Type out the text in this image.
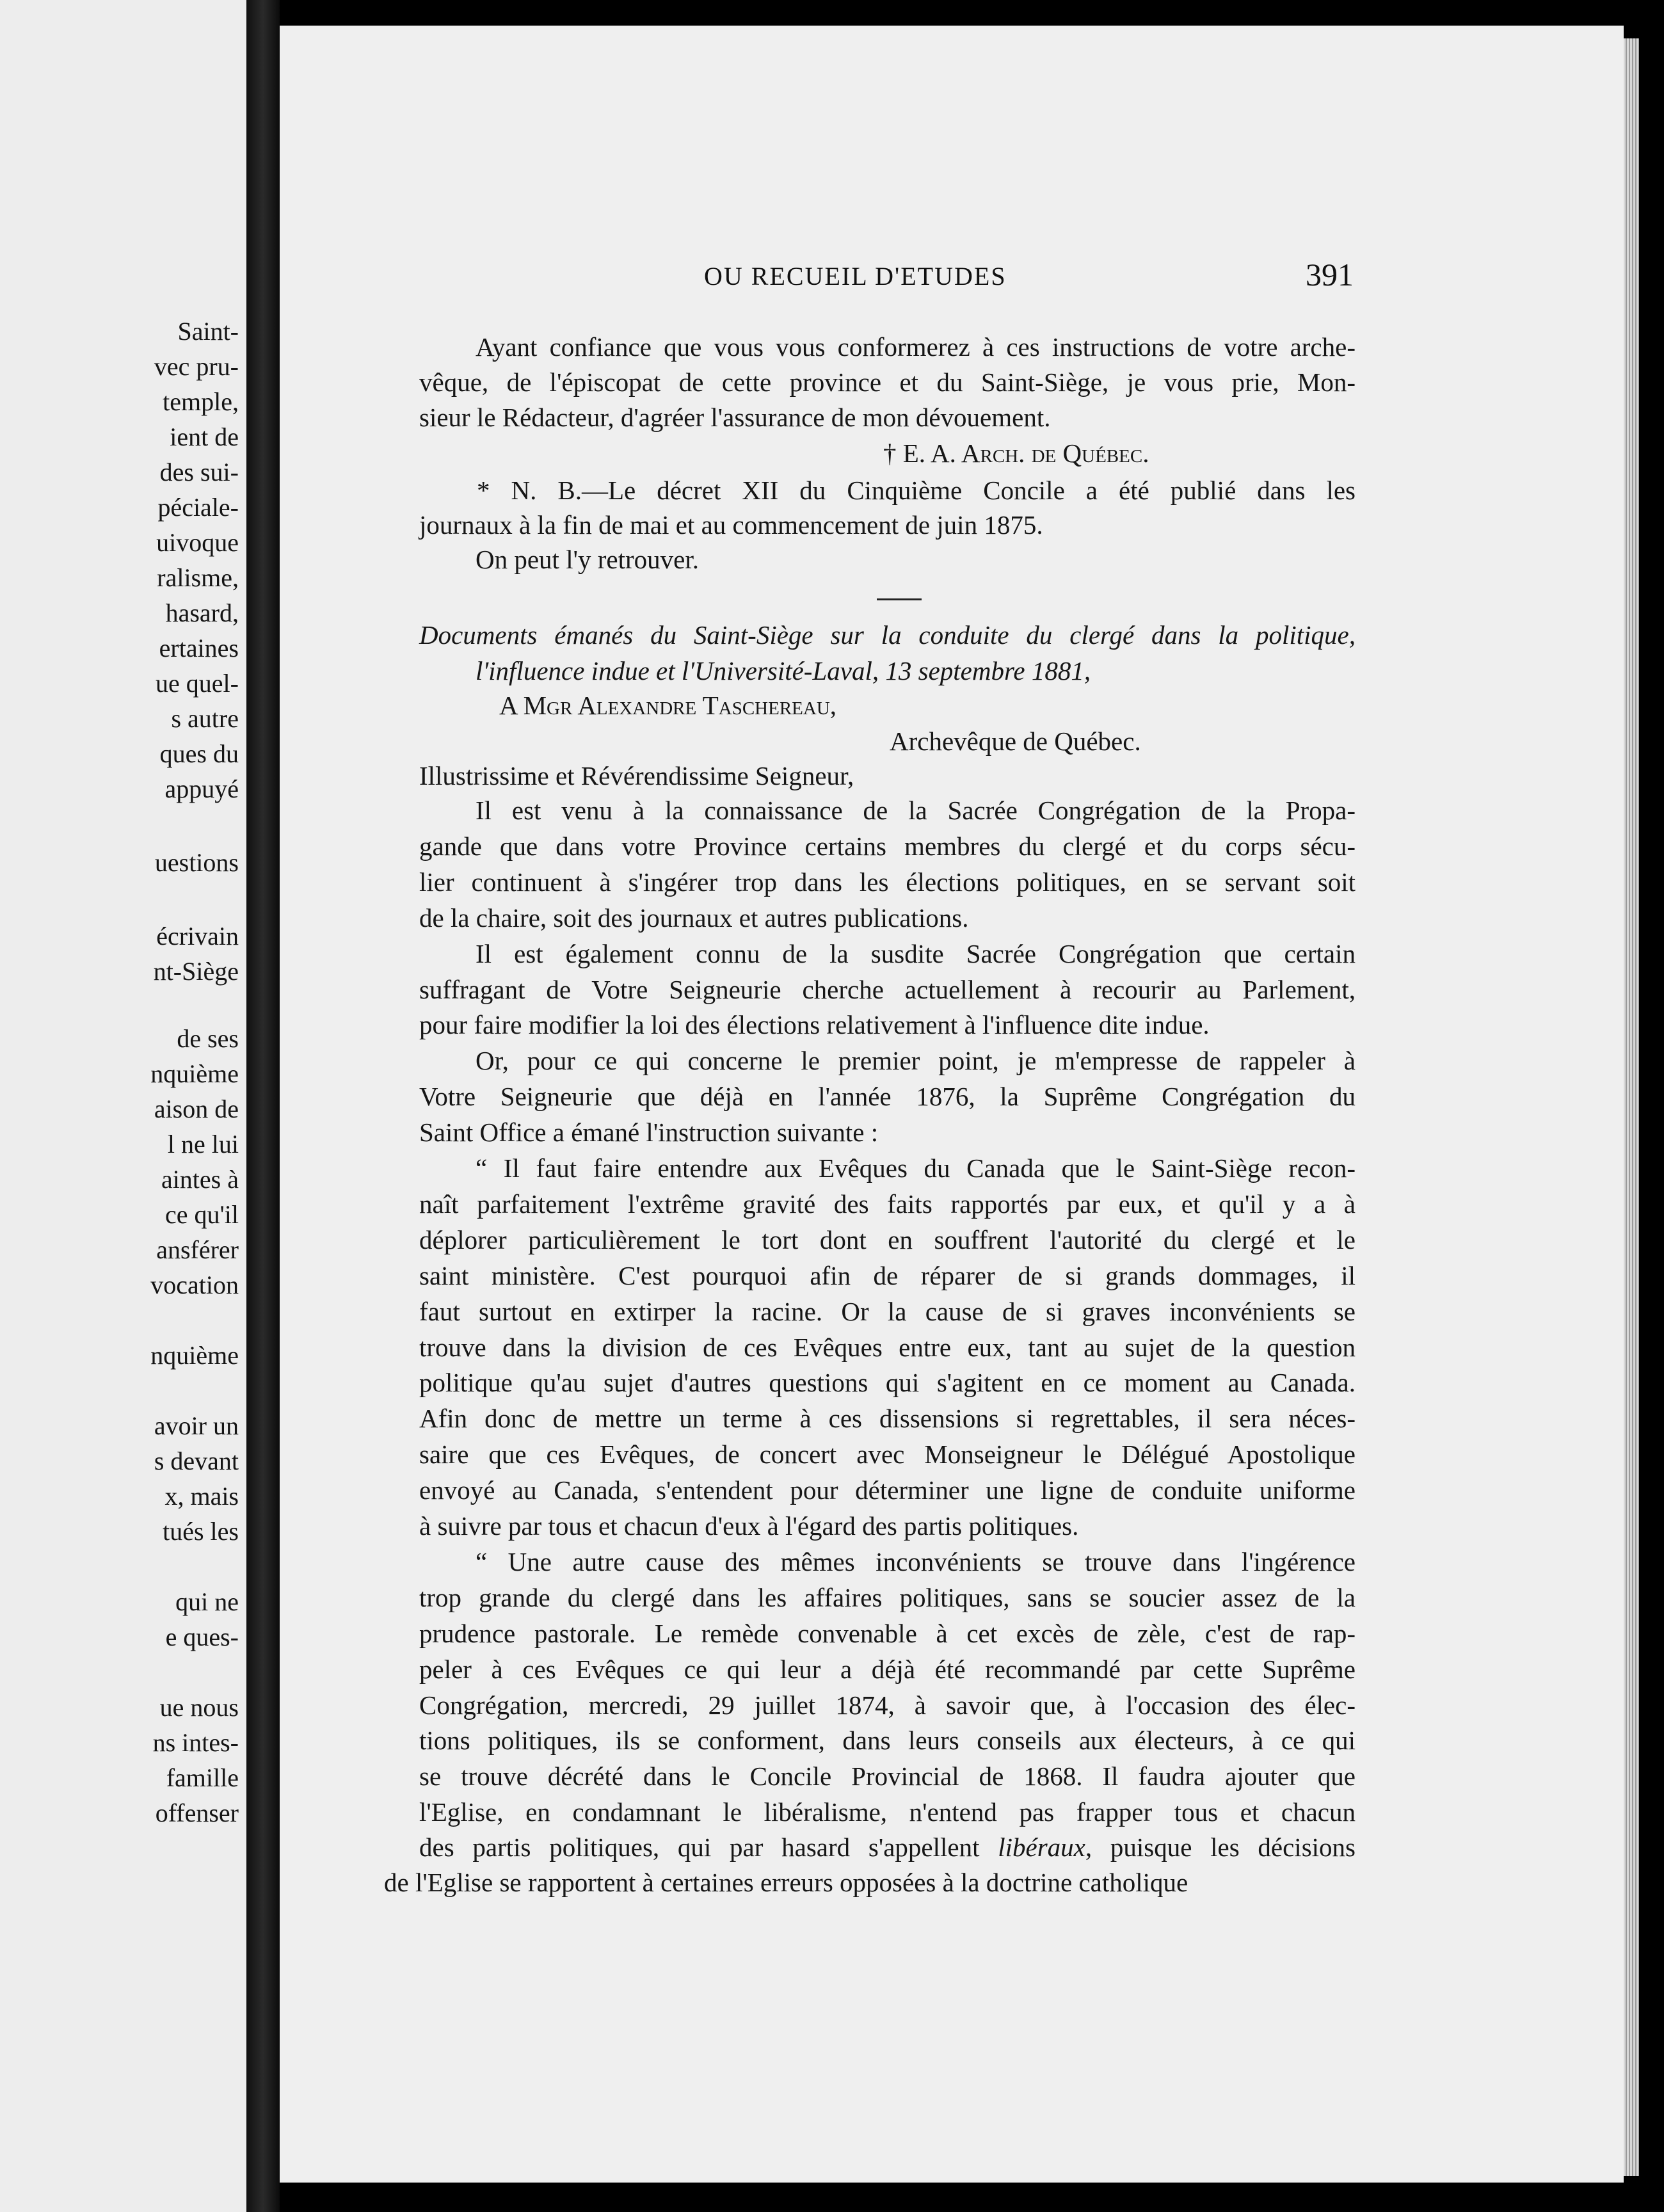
Saint-
vec pru-
temple,
ient de
des sui-
péciale-
uivoque
ralisme,
hasard,
ertaines
ue quel-
s autre
ques du
appuyé
uestions
écrivain
nt-Siège
de ses
nquième
aison de
l ne lui
aintes à
ce qu'il
ansférer
vocation
nquième
avoir un
s devant
x, mais
tués les
qui ne
e ques-
ue nous
ns intes-
famille
offenser
OU RECUEIL D'ETUDES	391
Ayant confiance que vous vous conformerez à ces instructions de votre arche-
vêque, de l'épiscopat de cette province et du Saint-Siège, je vous prie, Mon-
sieur le Rédacteur, d'agréer l'assurance de mon dévouement.
† E. A. Arch. de Québec.
* N. B.—Le décret XII du Cinquième Concile a été publié dans les
journaux à la fin de mai et au commencement de juin 1875.
On peut l'y retrouver.
Documents émanés du Saint-Siège sur la conduite du clergé dans la politique,
l'influence indue et l'Université-Laval, 13 septembre 1881,
A Mgr Alexandre Taschereau,
Archevêque de Québec.
Illustrissime et Révérendissime Seigneur,
Il est venu à la connaissance de la Sacrée Congrégation de la Propa-
gande que dans votre Province certains membres du clergé et du corps sécu-
lier continuent à s'ingérer trop dans les élections politiques, en se servant soit
de la chaire, soit des journaux et autres publications.
Il est également connu de la susdite Sacrée Congrégation que certain
suffragant de Votre Seigneurie cherche actuellement à recourir au Parlement,
pour faire modifier la loi des élections relativement à l'influence dite indue.
Or, pour ce qui concerne le premier point, je m'empresse de rappeler à
Votre Seigneurie que déjà en l'année 1876, la Suprême Congrégation du
Saint Office a émané l'instruction suivante :
“ Il faut faire entendre aux Evêques du Canada que le Saint-Siège recon-
naît parfaitement l'extrême gravité des faits rapportés par eux, et qu'il y a à
déplorer particulièrement le tort dont en souffrent l'autorité du clergé et le
saint ministère. C'est pourquoi afin de réparer de si grands dommages, il
faut surtout en extirper la racine. Or la cause de si graves inconvénients se
trouve dans la division de ces Evêques entre eux, tant au sujet de la question
politique qu'au sujet d'autres questions qui s'agitent en ce moment au Canada.
Afin donc de mettre un terme à ces dissensions si regrettables, il sera néces-
saire que ces Evêques, de concert avec Monseigneur le Délégué Apostolique
envoyé au Canada, s'entendent pour déterminer une ligne de conduite uniforme
à suivre par tous et chacun d'eux à l'égard des partis politiques.
“ Une autre cause des mêmes inconvénients se trouve dans l'ingérence
trop grande du clergé dans les affaires politiques, sans se soucier assez de la
prudence pastorale. Le remède convenable à cet excès de zèle, c'est de rap-
peler à ces Evêques ce qui leur a déjà été recommandé par cette Suprême
Congrégation, mercredi, 29 juillet 1874, à savoir que, à l'occasion des élec-
tions politiques, ils se conforment, dans leurs conseils aux électeurs, à ce qui
se trouve décrété dans le Concile Provincial de 1868. Il faudra ajouter que
l'Eglise, en condamnant le libéralisme, n'entend pas frapper tous et chacun
des partis politiques, qui par hasard s'appellent libéraux, puisque les décisions
de l'Eglise se rapportent à certaines erreurs opposées à la doctrine catholique
